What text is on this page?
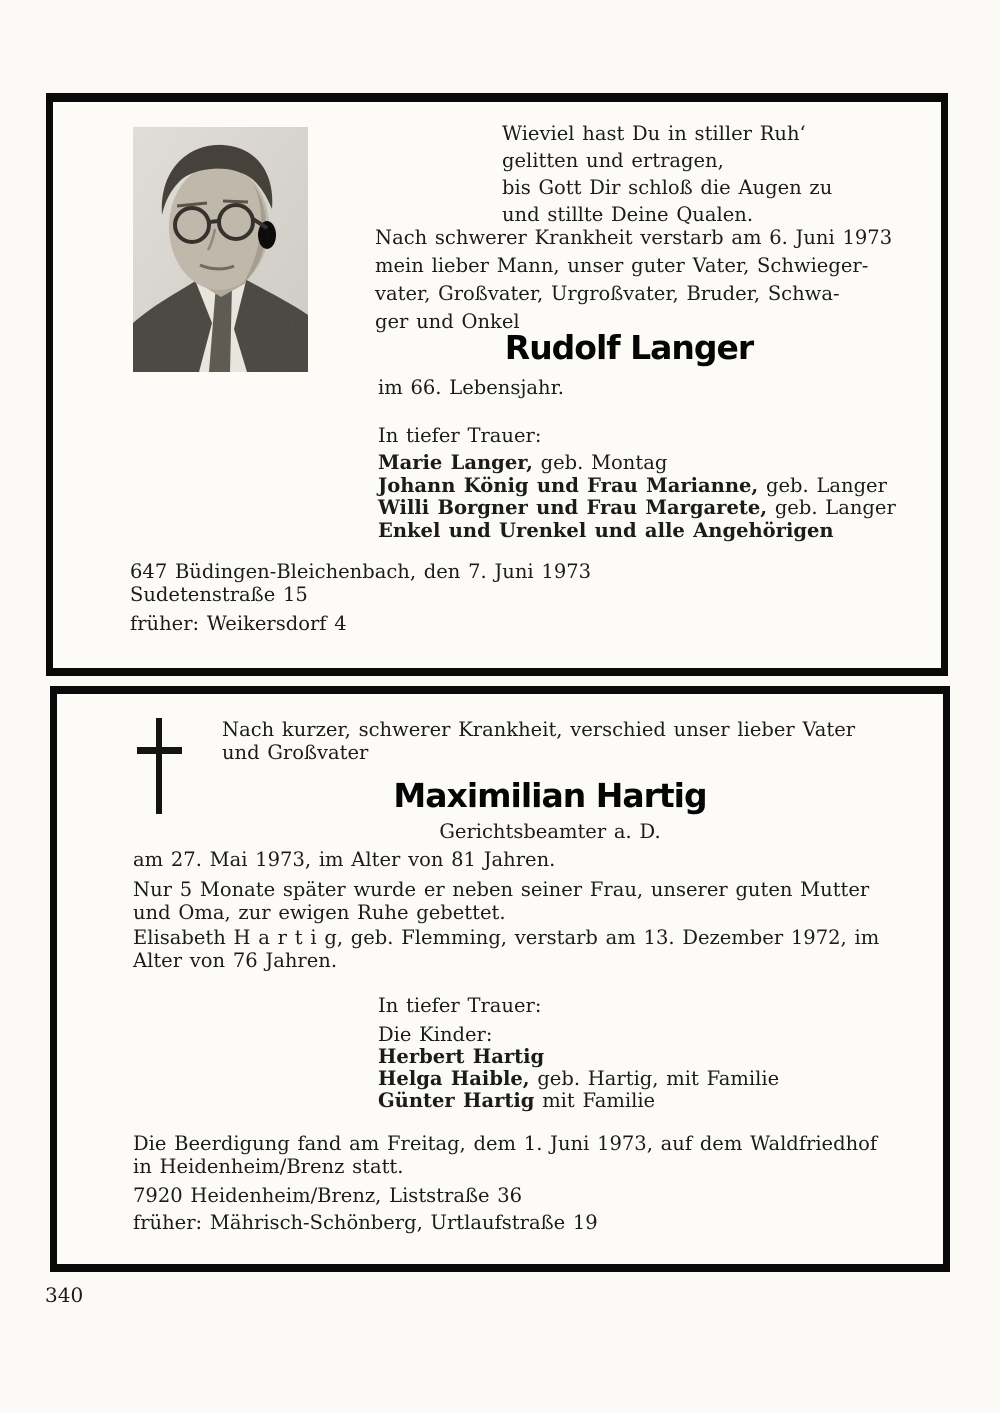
Wieviel hast Du in stiller Ruh‘
gelitten und ertragen,
bis Gott Dir schloß die Augen zu
und stillte Deine Qualen.
Nach schwerer Krankheit verstarb am 6. Juni 1973
mein lieber Mann, unser guter Vater, Schwieger-
vater, Großvater, Urgroßvater, Bruder, Schwa-
ger und Onkel
Rudolf Langer
im 66. Lebensjahr.
In tiefer Trauer:
Marie Langer, geb. Montag
Johann König und Frau Marianne, geb. Langer
Willi Borgner und Frau Margarete, geb. Langer
Enkel und Urenkel und alle Angehörigen
647 Büdingen-Bleichenbach, den 7. Juni 1973
Sudetenstraße 15
früher: Weikersdorf 4
Nach kurzer, schwerer Krankheit, verschied unser lieber Vater
und Großvater
Maximilian Hartig
Gerichtsbeamter a. D.
am 27. Mai 1973, im Alter von 81 Jahren.
Nur 5 Monate später wurde er neben seiner Frau, unserer guten Mutter
und Oma, zur ewigen Ruhe gebettet.
Elisabeth H a r t i g, geb. Flemming, verstarb am 13. Dezember 1972, im
Alter von 76 Jahren.
In tiefer Trauer:
Die Kinder:
Herbert Hartig
Helga Haible, geb. Hartig, mit Familie
Günter Hartig mit Familie
Die Beerdigung fand am Freitag, dem 1. Juni 1973, auf dem Waldfriedhof
in Heidenheim/Brenz statt.
7920 Heidenheim/Brenz, Liststraße 36
früher: Mährisch-Schönberg, Urtlaufstraße 19
340
